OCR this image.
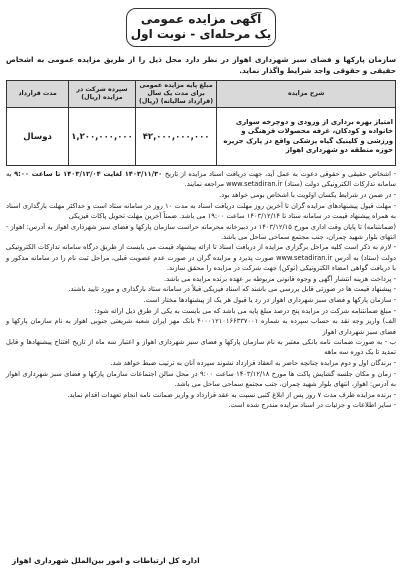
آگهی مزایده عمومی
یک مرحله‌ای - نوبت اول
سازمان پارکها و فضای سبز شهرداری اهواز در نظر دارد محل ذیل را از طریق مزایده عمومی به اشخاص حقیقی و حقوقی واجد شرایط واگذار نماید.
شرح مزایده	مبلغ پایه مزایده عمومی برای مدت یک سال (قرارداد سالیانه) (ریال)	سپرده شرکت در مزایده (ریال)	مدت قرارداد
امتیاز بهره برداری از ورودی و دوچرخه سواری خانواده و کودکان، غرفه محصولات فرهنگی و ورزشی و کلینیک گیاه پزشکی واقع در پارک جزیره حوزه منطقه دو شهرداری اهواز	۴۲,۰۰۰,۰۰۰,۰۰۰	۱,۲۰۰,۰۰۰,۰۰۰	دوسال

- اشخاص حقیقی و حقوقی دعوت به عمل آید، جهت دریافت اسناد مزایده از تاریخ ۱۴۰۳/۱۱/۳۰ لغایت ۱۴۰۳/۱۲/۰۴ تا ساعت ۹:۰۰ به سامانه تدارکات الکترونیکی دولت (ستاد) www.setadiran.ir مراجعه نمایند.

- در ضمن در شرایط یکسان اولویت با اشخاص بومی خواهد بود.

- مهلت قبول پیشنهادهای مزایده گران تا آخرین روز مهلت دریافت اسناد به مدت ۱۰ روز در سامانه ستاد است و حداکثر مهلت بارگذاری اسناد به همراه پیشنهاد قیمت در سامانه ستاد تا ۱۴۰۳/۱۲/۱۴ ساعت ۱۹:۰۰ می باشد. ضمناً آخرین مهلت تحویل پاکات فیزیکی

(ضمانتنامه) تا پایان وقت اداری مورخ ۱۴۰۳/۱۲/۱۵ در دبیرخانه محرمانه حراست سازمان پارکها و فضای سبز شهرداری اهواز به آدرس: اهواز - انتهای بلوار شهید چمران، جنب مجتمع سماحی ساحل می باشد.

- لازم به ذکر است کلیه مراحل برگزاری مزایده از دریافت اسناد تا ارائه پیشنهاد قیمت می بایست از طریق درگاه سامانه تدارکات الکترونیکی دولت (ستاد) به آدرس www.setadiran.ir صورت پذیرد و مزایده گران در صورت عدم عضویت قبلی، مراحل ثبت نام را در سامانه مذکور و با دریافت گواهی امضاء الکترونیکی (توکن) جهت شرکت در مزایده را محقق سازند.

- پرداخت هزینه انتشار آگهی و وجوه قانونی مربوطه بر عهده برنده مزایده می باشد.

- پیشنهاد قیمت ها در صورتی قابل بررسی می باشند که اسناد فیزیکی قبلاً در سامانه ستاد بارگذاری و مورد تایید باشند.

- سازمان پارکها و فضای سبز شهرداری اهواز در رد یا قبول هر یک از پیشنهادها مختار است.

- مبلغ ضمانتنامه شرکت در مزایده پنج درصد مبلغ پایه می باشد که می بایست به یکی از طرق ذیل ارائه شود:

الف) واریز وجه نقد به حساب سپرده به شماره ۴۰۰۰۱۲۱۰۱۶۶۳۳۷۰۰۱ بانک مهر ایران شعبه شریعتی جنوبی اهواز به نام سازمان پارکها و فضای سبز شهرداری اهواز

ب - به صورت ضمانت نامه بانکی معتبر به نام سازمان پارکها و فضای سبز شهرداری اهواز و اعتبار سه ماه از تاریخ افتتاح پیشنهادها و قابل تمدید تا یک دوره سه ماهه

- برندگان اول و دوم مزایده چنانچه حاضر به انعقاد قرارداد نشوند سپرده آنان به ترتیب ضبط خواهد شد.

- زمان و مکان جلسه گشایش پاکت ها مورخ ۱۴۰۳/۱۲/۱۸ ساعت ۹:۰۰ در محل سالن اجتماعات سازمان پارکها و فضای سبز شهرداری اهواز به آدرس: اهواز، انتهای بلوار شهید چمران، جنب مجتمع سماحی ساحل می باشد.

- برنده مزایده ظرف مدت ۷ روز پس از ابلاغ کتبی نسبت به عقد قرارداد و واریز ضمانت نامه انجام تعهدات اقدام نماید.

- سایر اطلاعات و جزئیات در اسناد مزایده مندرج شده است.

اداره کل ارتباطات و امور بین‌الملل شهرداری اهواز
